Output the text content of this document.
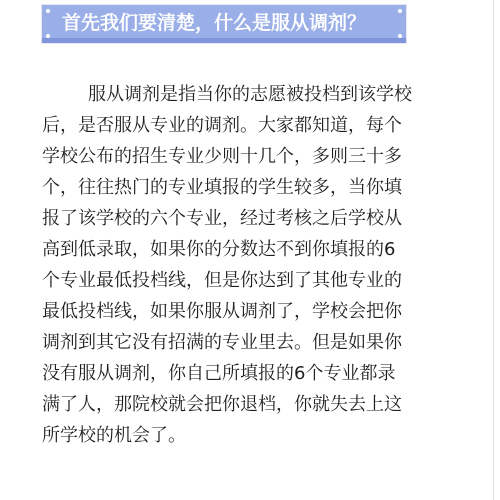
首先我们要清楚，什么是服从调剂？
服从调剂是指当你的志愿被投档到该学校
后，是否服从专业的调剂。大家都知道，每个
学校公布的招生专业少则十几个，多则三十多
个，往往热门的专业填报的学生较多，当你填
报了该学校的六个专业，经过考核之后学校从
高到低录取，如果你的分数达不到你填报的6
个专业最低投档线，但是你达到了其他专业的
最低投档线，如果你服从调剂了，学校会把你
调剂到其它没有招满的专业里去。但是如果你
没有服从调剂，你自己所填报的6个专业都录
满了人，那院校就会把你退档，你就失去上这
所学校的机会了。
